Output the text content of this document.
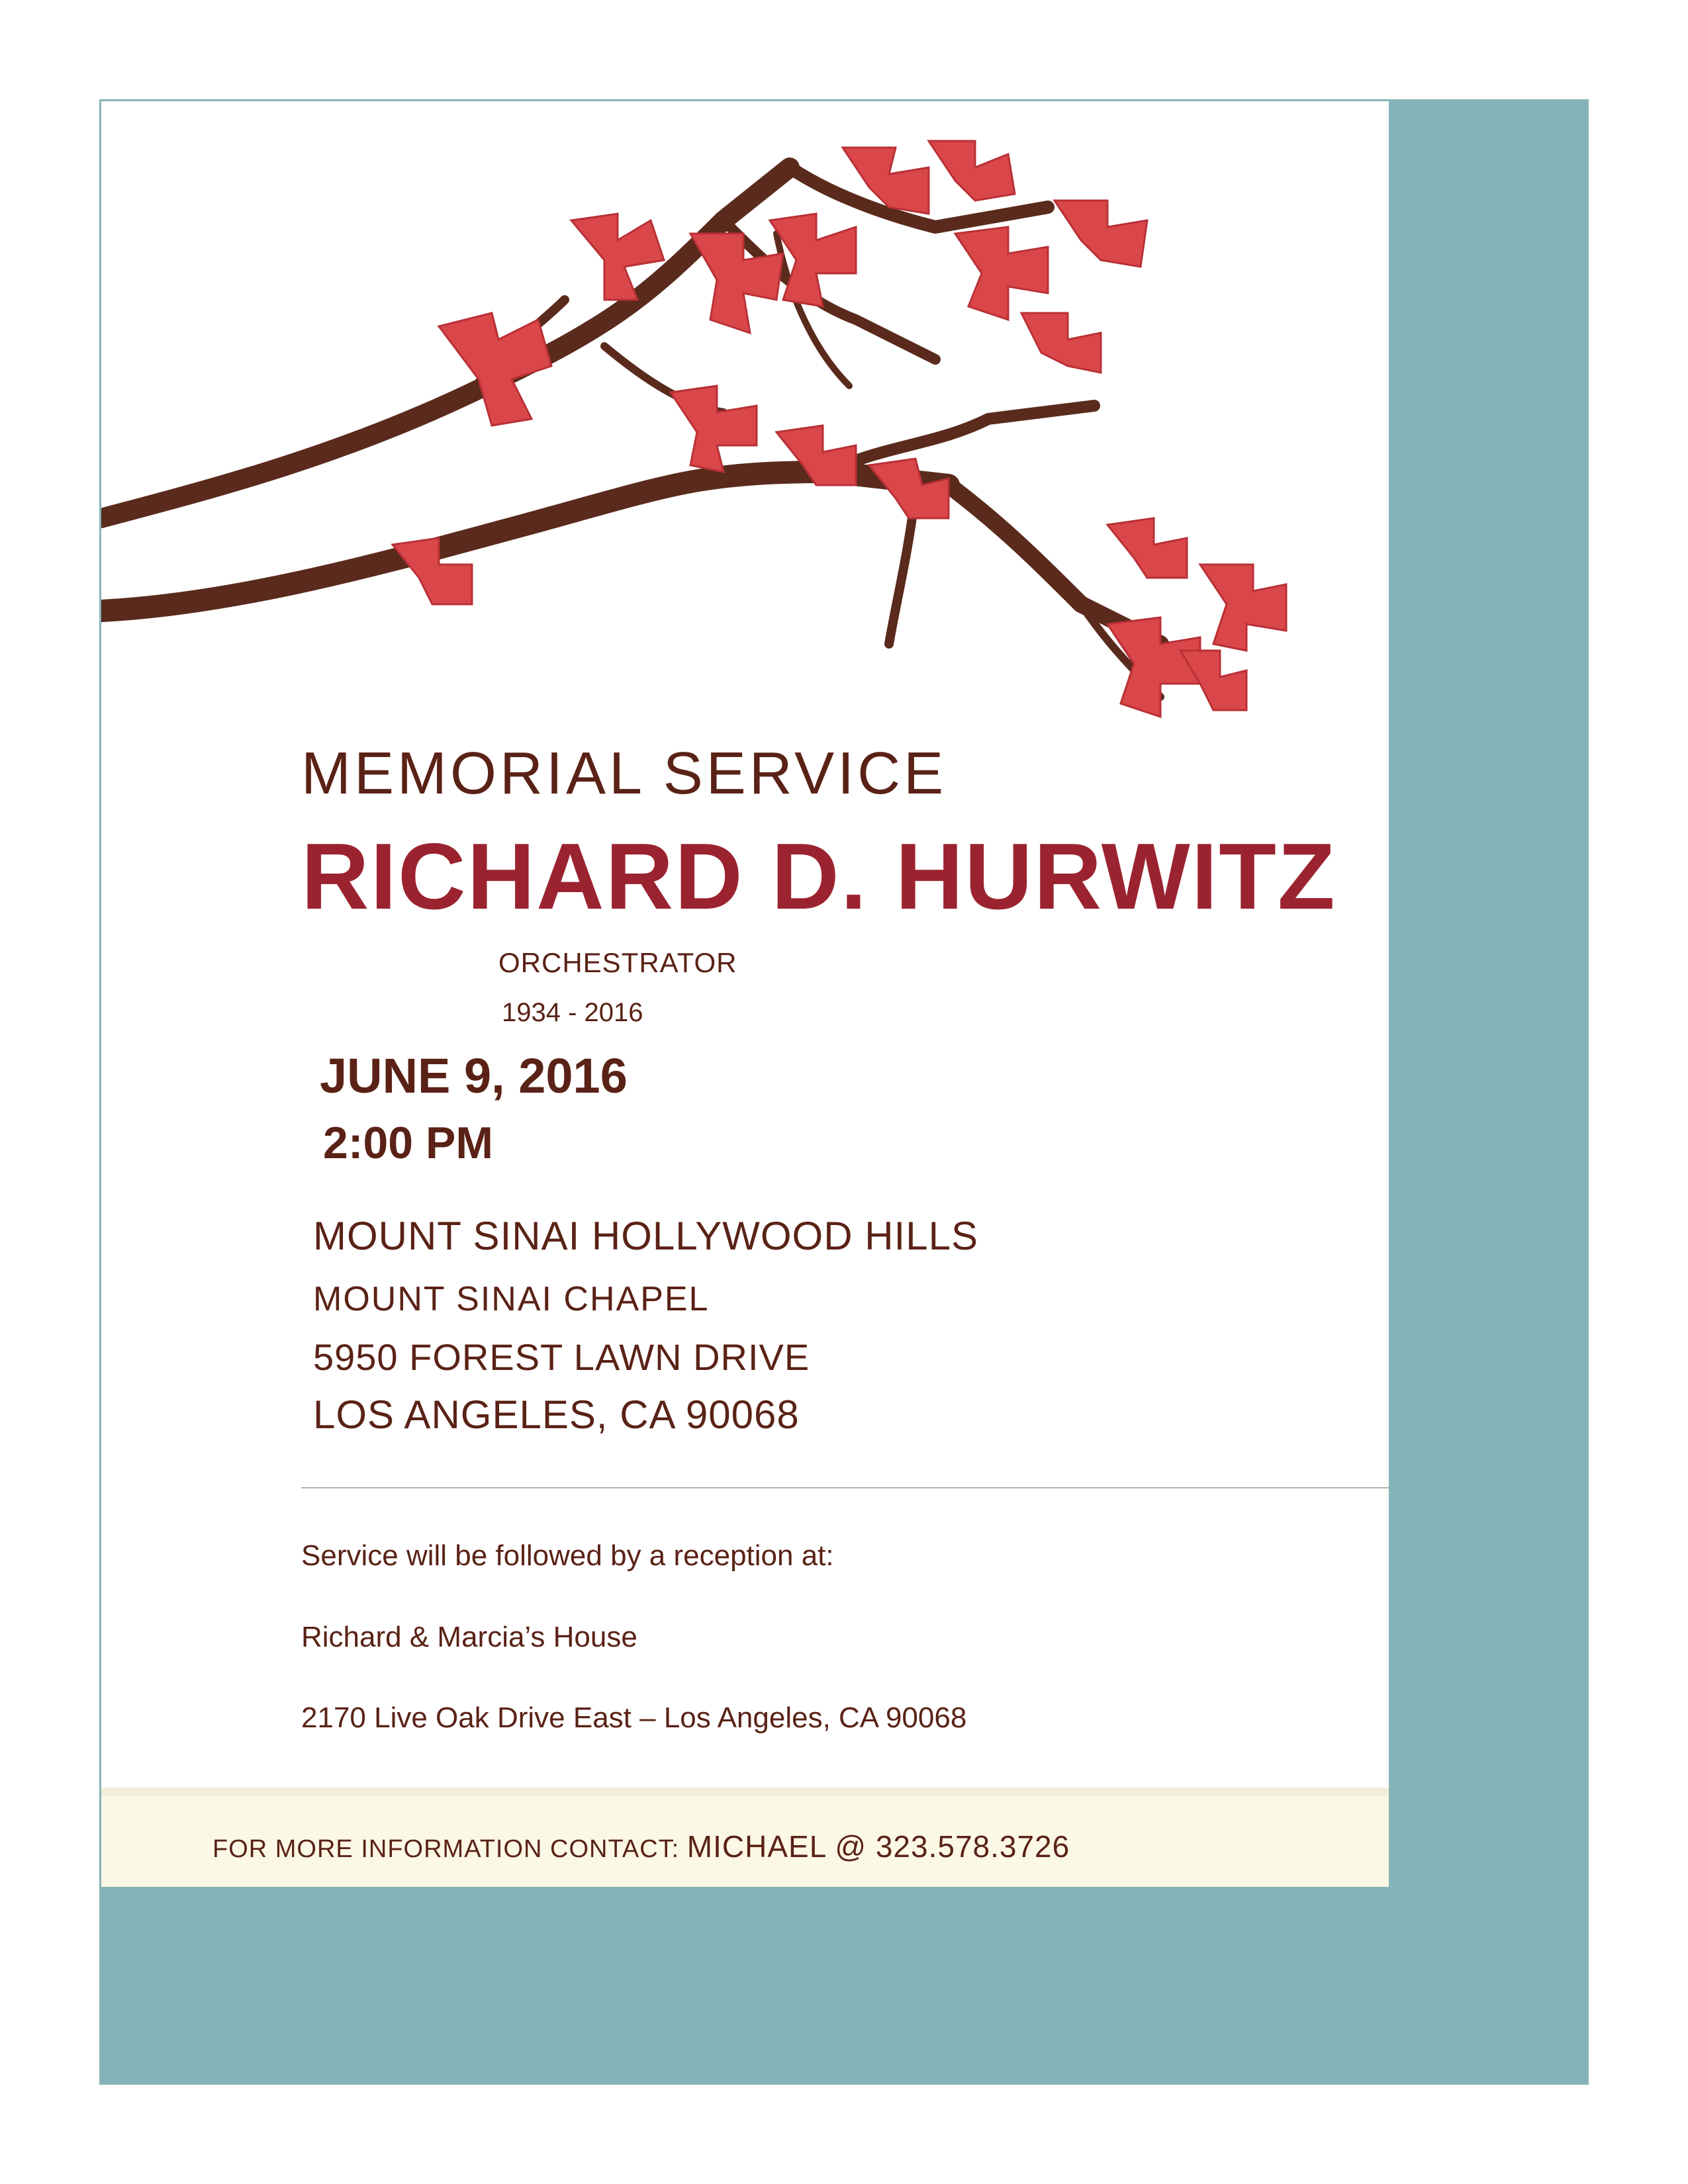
MEMORIAL SERVICE
RICHARD D. HURWITZ
ORCHESTRATOR
1934 - 2016
JUNE 9, 2016
2:00 PM
MOUNT SINAI HOLLYWOOD HILLS
MOUNT SINAI CHAPEL
5950 FOREST LAWN DRIVE
LOS ANGELES, CA 90068
Service will be followed by a reception at:
Richard & Marcia’s House
2170 Live Oak Drive East – Los Angeles, CA 90068
FOR MORE INFORMATION CONTACT: MICHAEL @ 323.578.3726
